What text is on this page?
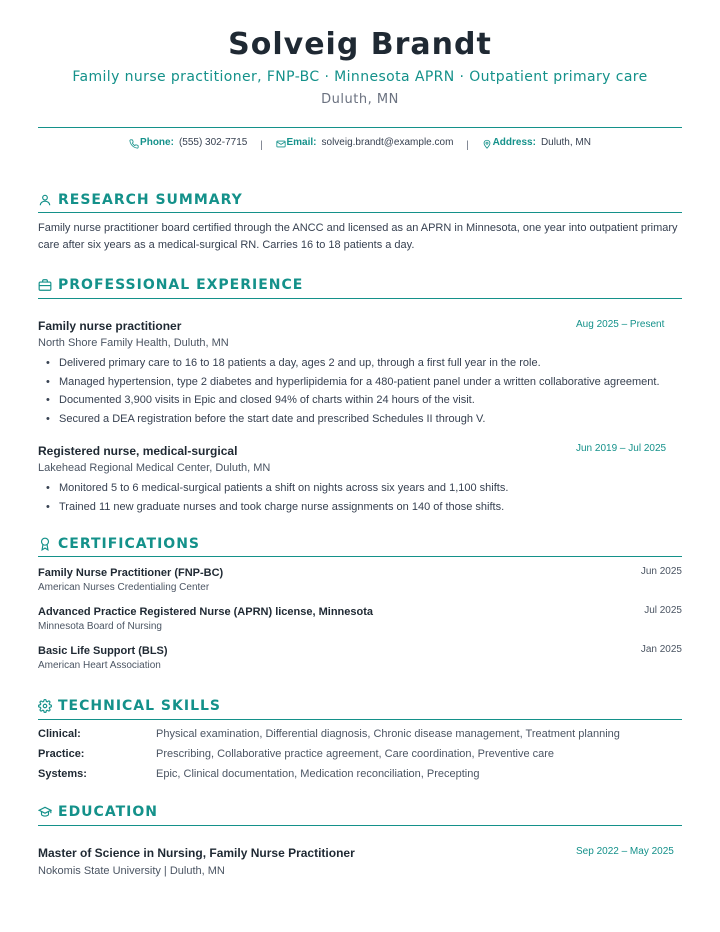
Solveig Brandt
Family nurse practitioner, FNP-BC · Minnesota APRN · Outpatient primary care
Duluth, MN
Phone: (555) 302-7715 | Email: solveig.brandt@example.com | Address: Duluth, MN
RESEARCH SUMMARY
Family nurse practitioner board certified through the ANCC and licensed as an APRN in Minnesota, one year into outpatient primary care after six years as a medical-surgical RN. Carries 16 to 18 patients a day.
PROFESSIONAL EXPERIENCE
Family nurse practitioner	Aug 2025 – Present
North Shore Family Health, Duluth, MN
• Delivered primary care to 16 to 18 patients a day, ages 2 and up, through a first full year in the role.
• Managed hypertension, type 2 diabetes and hyperlipidemia for a 480-patient panel under a written collaborative agreement.
• Documented 3,900 visits in Epic and closed 94% of charts within 24 hours of the visit.
• Secured a DEA registration before the start date and prescribed Schedules II through V.
Registered nurse, medical-surgical	Jun 2019 – Jul 2025
Lakehead Regional Medical Center, Duluth, MN
• Monitored 5 to 6 medical-surgical patients a shift on nights across six years and 1,100 shifts.
• Trained 11 new graduate nurses and took charge nurse assignments on 140 of those shifts.
CERTIFICATIONS
Family Nurse Practitioner (FNP-BC)	Jun 2025
American Nurses Credentialing Center
Advanced Practice Registered Nurse (APRN) license, Minnesota	Jul 2025
Minnesota Board of Nursing
Basic Life Support (BLS)	Jan 2025
American Heart Association
TECHNICAL SKILLS
Clinical:	Physical examination, Differential diagnosis, Chronic disease management, Treatment planning
Practice:	Prescribing, Collaborative practice agreement, Care coordination, Preventive care
Systems:	Epic, Clinical documentation, Medication reconciliation, Precepting
EDUCATION
Master of Science in Nursing, Family Nurse Practitioner	Sep 2022 – May 2025
Nokomis State University | Duluth, MN
